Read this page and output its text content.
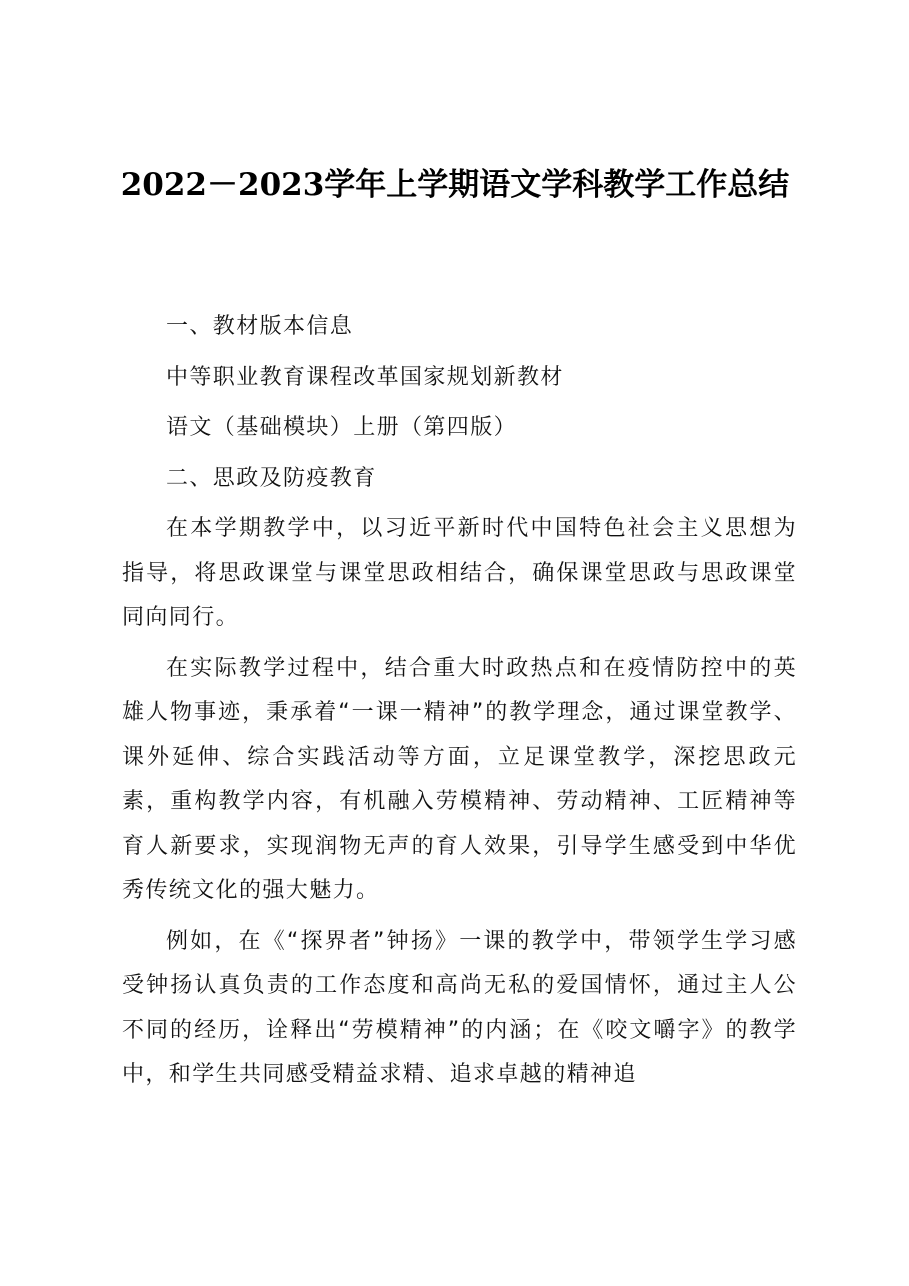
2022－2023学年上学期语文学科教学工作总结

一、教材版本信息

中等职业教育课程改革国家规划新教材

语文（基础模块）上册（第四版）

二、思政及防疫教育

在本学期教学中，以习近平新时代中国特色社会主义思想为指导，将思政课堂与课堂思政相结合，确保课堂思政与思政课堂同向同行。

在实际教学过程中，结合重大时政热点和在疫情防控中的英雄人物事迹，秉承着“一课一精神”的教学理念，通过课堂教学、课外延伸、综合实践活动等方面，立足课堂教学，深挖思政元素，重构教学内容，有机融入劳模精神、劳动精神、工匠精神等育人新要求，实现润物无声的育人效果，引导学生感受到中华优秀传统文化的强大魅力。

例如，在《“探界者”钟扬》一课的教学中，带领学生学习感受钟扬认真负责的工作态度和高尚无私的爱国情怀，通过主人公不同的经历，诠释出“劳模精神”的内涵；在《咬文嚼字》的教学中，和学生共同感受精益求精、追求卓越的精神追
